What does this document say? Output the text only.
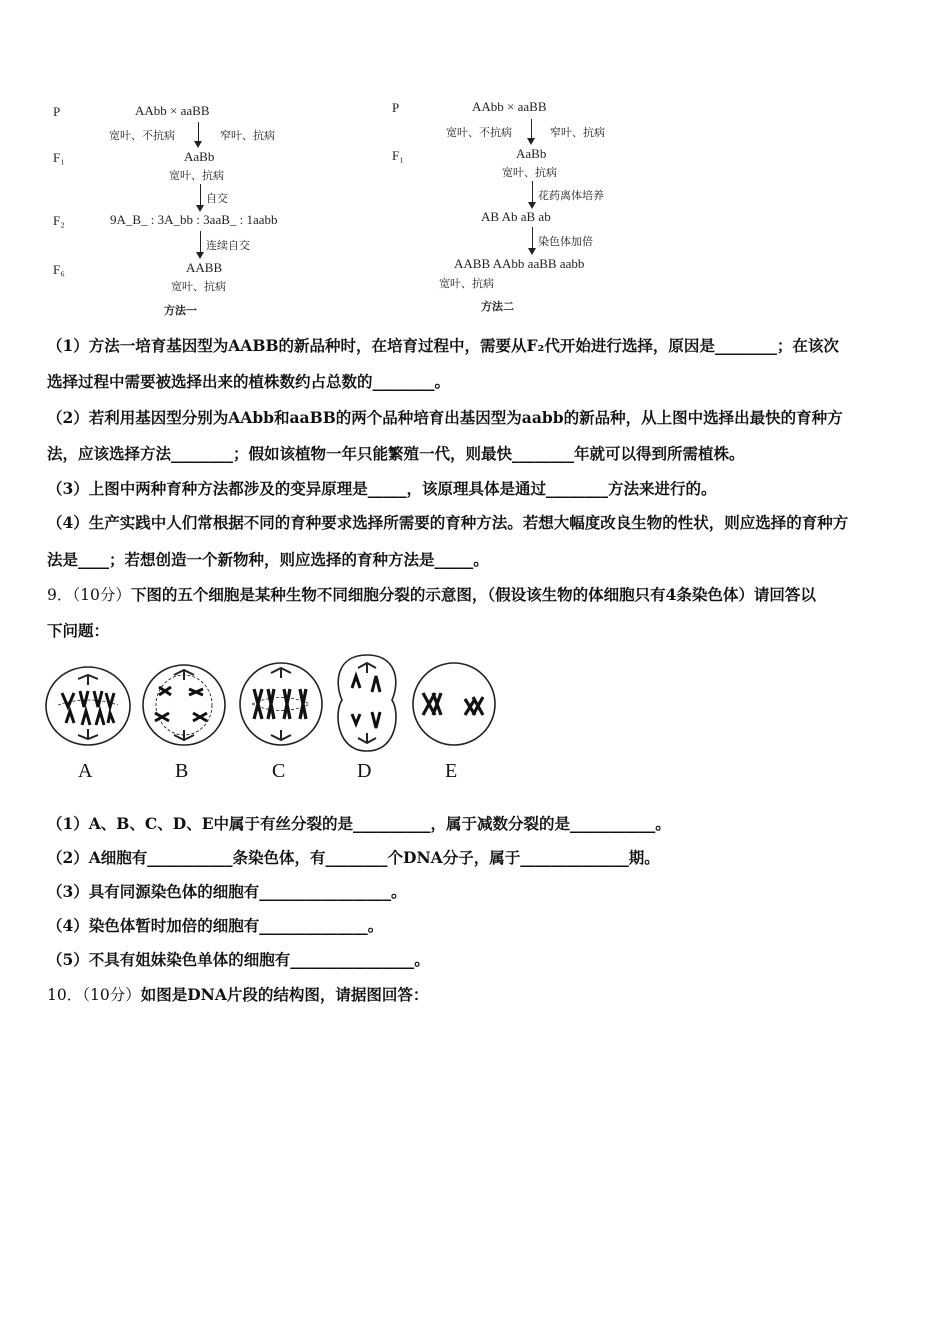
P	AAbb × aaBB
宽叶、不抗病	窄叶、抗病
F₁	AaBb
宽叶、抗病
自交
F₂	9A_B_ : 3A_bb : 3aaB_ : 1aabb
连续自交
F₆	AABB
宽叶、抗病
方法一
P	AAbb × aaBB
宽叶、不抗病	窄叶、抗病
F₁	AaBb
宽叶、抗病
花药离体培养
AB Ab aB ab
染色体加倍
AABB AAbb aaBB aabb
宽叶、抗病
方法二
（1）方法一培育基因型为AABB的新品种时，在培育过程中，需要从F₂代开始进行选择，原因是________；在该次
选择过程中需要被选择出来的植株数约占总数的________。
（2）若利用基因型分别为AAbb和aaBB的两个品种培育出基因型为aabb的新品种，从上图中选择出最快的育种方
法，应该选择方法________；假如该植物一年只能繁殖一代，则最快________年就可以得到所需植株。
（3）上图中两种育种方法都涉及的变异原理是_____，该原理具体是通过________方法来进行的。
（4）生产实践中人们常根据不同的育种要求选择所需要的育种方法。若想大幅度改良生物的性状，则应选择的育种方
法是____；若想创造一个新物种，则应选择的育种方法是_____。
9．（10分）下图的五个细胞是某种生物不同细胞分裂的示意图，（假设该生物的体细胞只有4条染色体）请回答以
下问题：
A	B	C	D	E
（1）A、B、C、D、E中属于有丝分裂的是__________，属于减数分裂的是___________。
（2）A细胞有___________条染色体，有________个DNA分子，属于______________期。
（3）具有同源染色体的细胞有_________________。
（4）染色体暂时加倍的细胞有______________。
（5）不具有姐妹染色单体的细胞有________________。
10．（10分）如图是DNA片段的结构图，请据图回答：
